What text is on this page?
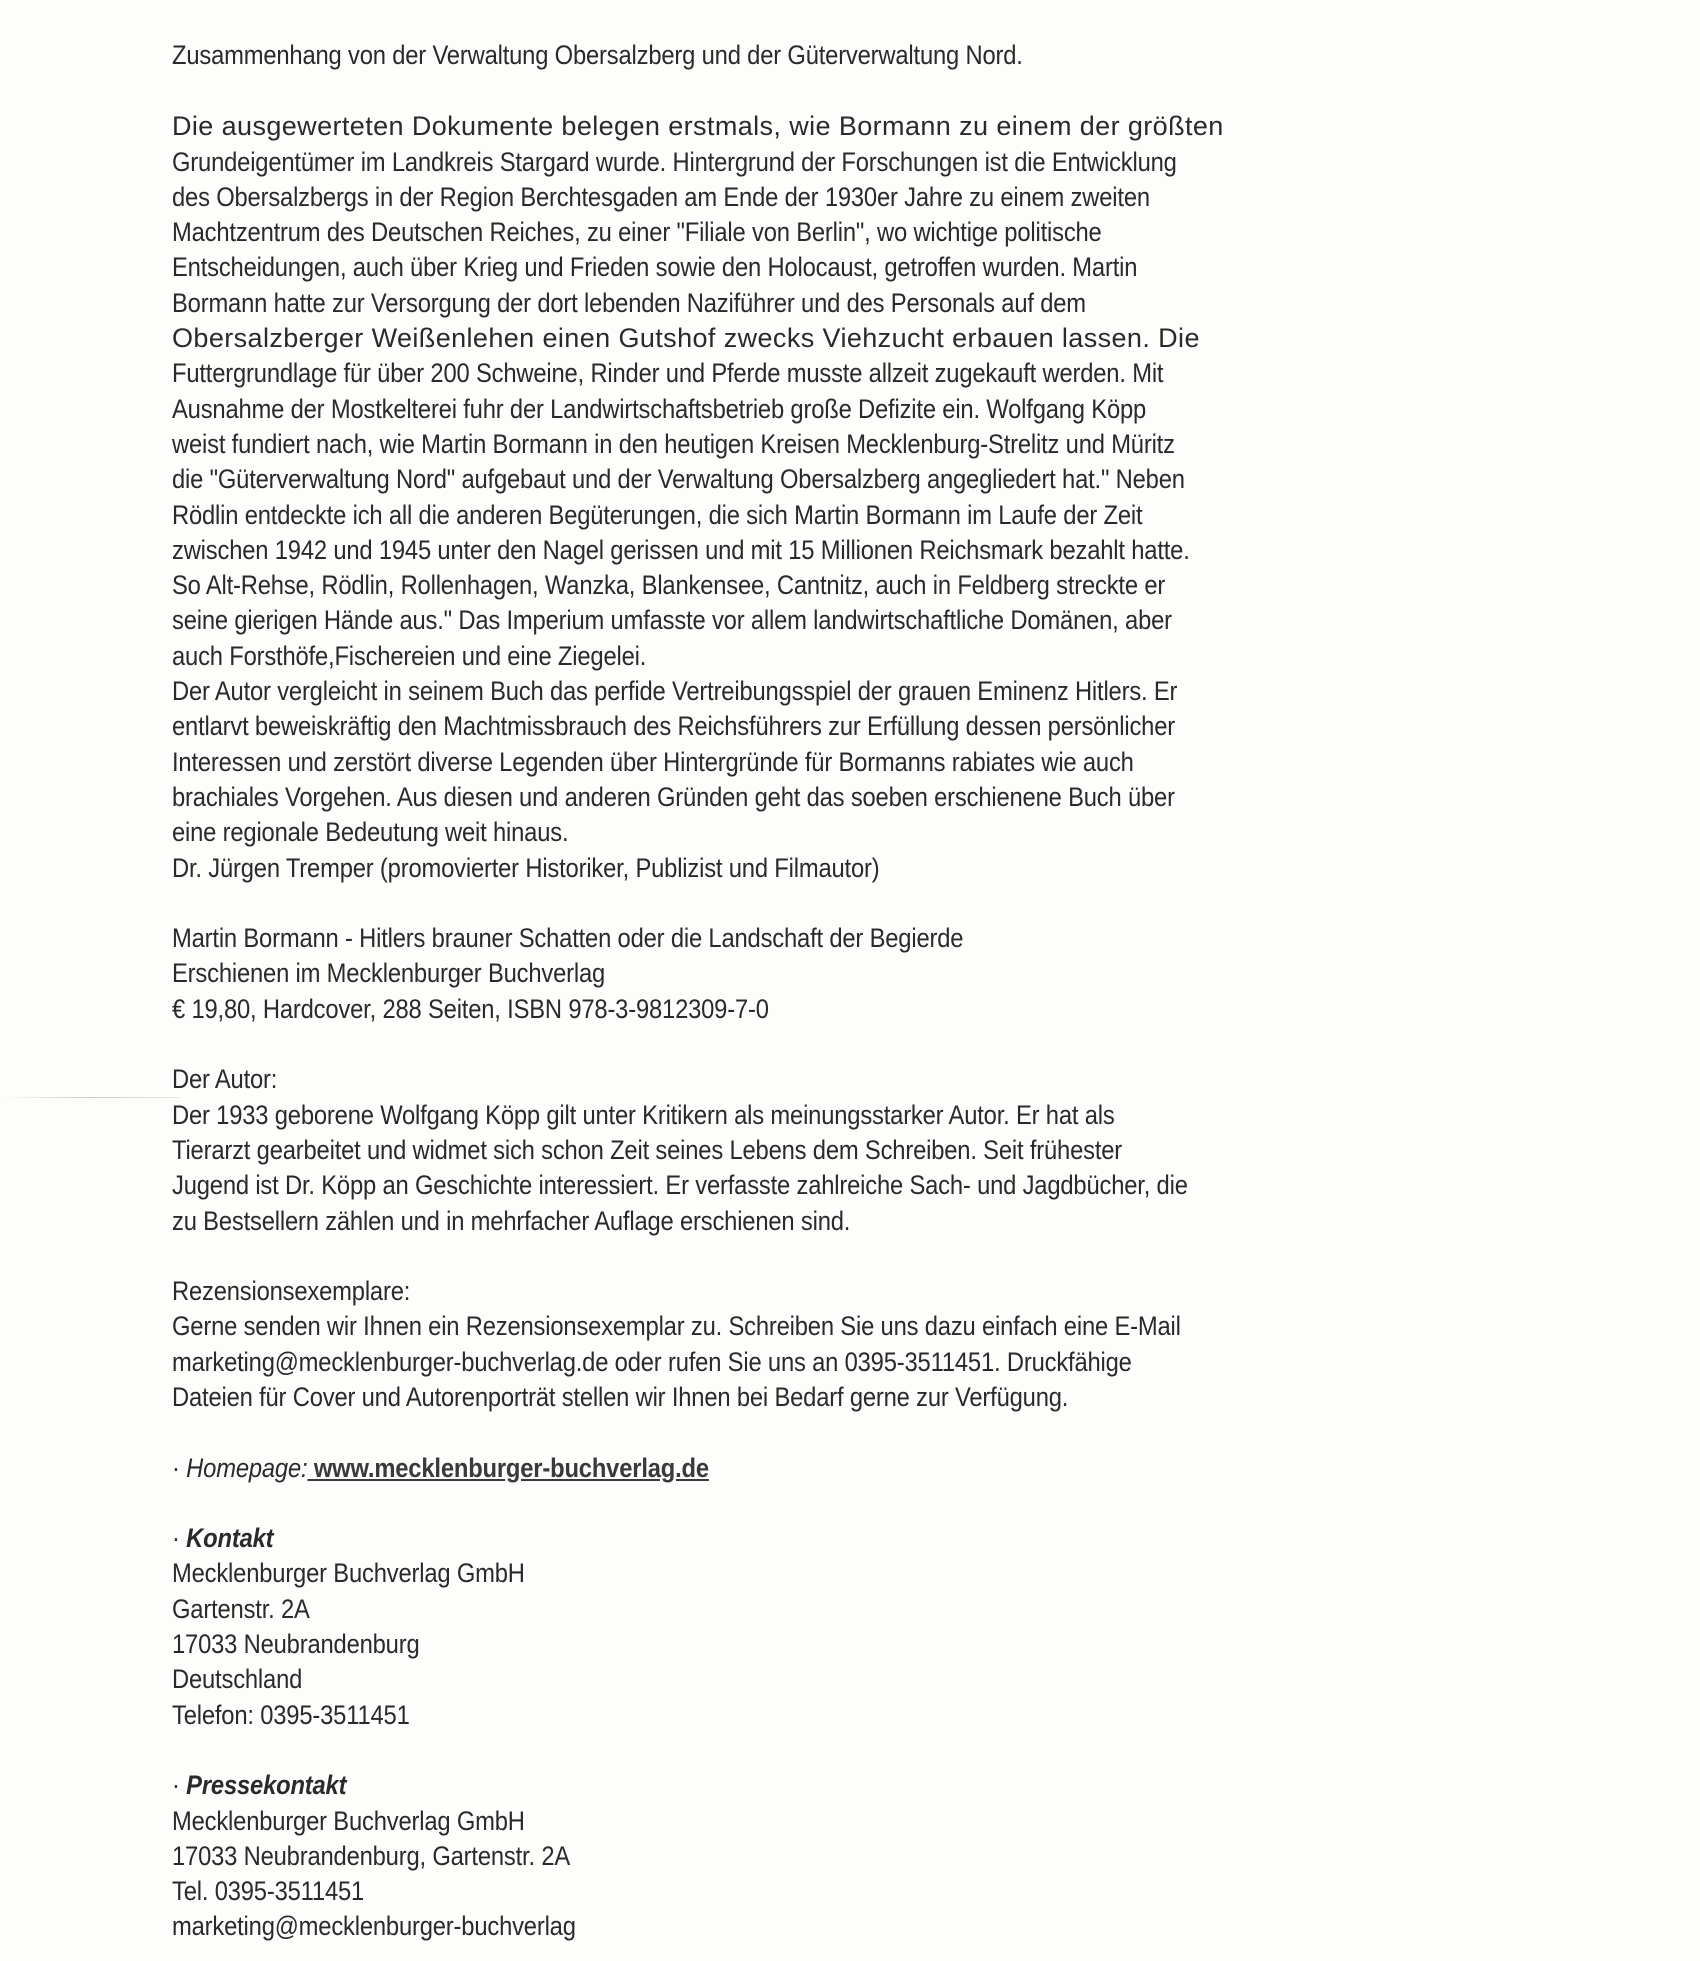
Zusammenhang von der Verwaltung Obersalzberg und der Güterverwaltung Nord.
Die ausgewerteten Dokumente belegen erstmals, wie Bormann zu einem der größten
Grundeigentümer im Landkreis Stargard wurde. Hintergrund der Forschungen ist die Entwicklung
des Obersalzbergs in der Region Berchtesgaden am Ende der 1930er Jahre zu einem zweiten
Machtzentrum des Deutschen Reiches, zu einer "Filiale von Berlin", wo wichtige politische
Entscheidungen, auch über Krieg und Frieden sowie den Holocaust, getroffen wurden. Martin
Bormann hatte zur Versorgung der dort lebenden Naziführer und des Personals auf dem
Obersalzberger Weißenlehen einen Gutshof zwecks Viehzucht erbauen lassen. Die
Futtergrundlage für über 200 Schweine, Rinder und Pferde musste allzeit zugekauft werden. Mit
Ausnahme der Mostkelterei fuhr der Landwirtschaftsbetrieb große Defizite ein. Wolfgang Köpp
weist fundiert nach, wie Martin Bormann in den heutigen Kreisen Mecklenburg-Strelitz und Müritz
die "Güterverwaltung Nord" aufgebaut und der Verwaltung Obersalzberg angegliedert hat." Neben
Rödlin entdeckte ich all die anderen Begüterungen, die sich Martin Bormann im Laufe der Zeit
zwischen 1942 und 1945 unter den Nagel gerissen und mit 15 Millionen Reichsmark bezahlt hatte.
So Alt-Rehse, Rödlin, Rollenhagen, Wanzka, Blankensee, Cantnitz, auch in Feldberg streckte er
seine gierigen Hände aus." Das Imperium umfasste vor allem landwirtschaftliche Domänen, aber
auch Forsthöfe,Fischereien und eine Ziegelei.
Der Autor vergleicht in seinem Buch das perfide Vertreibungsspiel der grauen Eminenz Hitlers. Er
entlarvt beweiskräftig den Machtmissbrauch des Reichsführers zur Erfüllung dessen persönlicher
Interessen und zerstört diverse Legenden über Hintergründe für Bormanns rabiates wie auch
brachiales Vorgehen. Aus diesen und anderen Gründen geht das soeben erschienene Buch über
eine regionale Bedeutung weit hinaus.
Dr. Jürgen Tremper (promovierter Historiker, Publizist und Filmautor)
Martin Bormann - Hitlers brauner Schatten oder die Landschaft der Begierde
Erschienen im Mecklenburger Buchverlag
€ 19,80, Hardcover, 288 Seiten, ISBN 978-3-9812309-7-0
Der Autor:
Der 1933 geborene Wolfgang Köpp gilt unter Kritikern als meinungsstarker Autor. Er hat als
Tierarzt gearbeitet und widmet sich schon Zeit seines Lebens dem Schreiben. Seit frühester
Jugend ist Dr. Köpp an Geschichte interessiert. Er verfasste zahlreiche Sach- und Jagdbücher, die
zu Bestsellern zählen und in mehrfacher Auflage erschienen sind.
Rezensionsexemplare:
Gerne senden wir Ihnen ein Rezensionsexemplar zu. Schreiben Sie uns dazu einfach eine E-Mail
marketing@mecklenburger-buchverlag.de oder rufen Sie uns an 0395-3511451. Druckfähige
Dateien für Cover und Autorenporträt stellen wir Ihnen bei Bedarf gerne zur Verfügung.
· Homepage: www.mecklenburger-buchverlag.de
· Kontakt
Mecklenburger Buchverlag GmbH
Gartenstr. 2A
17033 Neubrandenburg
Deutschland
Telefon: 0395-3511451
· Pressekontakt
Mecklenburger Buchverlag GmbH
17033 Neubrandenburg, Gartenstr. 2A
Tel. 0395-3511451
marketing@mecklenburger-buchverlag
